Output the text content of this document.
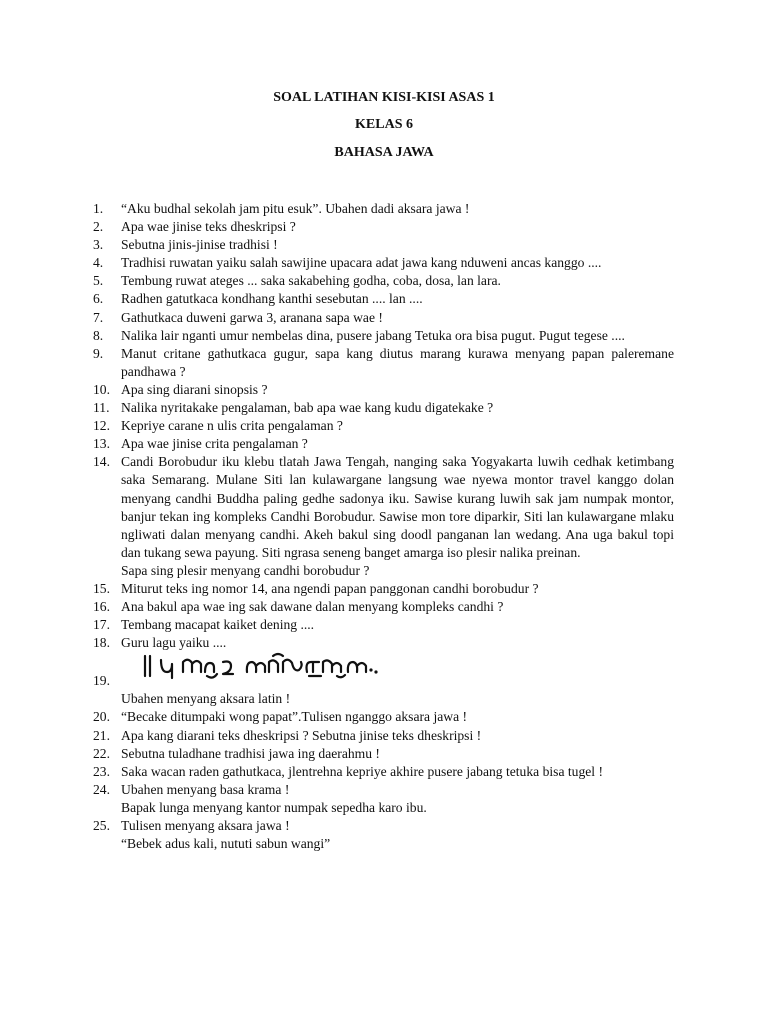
SOAL LATIHAN KISI-KISI ASAS 1
KELAS 6
BAHASA JAWA
1. “Aku budhal sekolah jam pitu esuk”. Ubahen dadi aksara jawa !
2. Apa wae jinise teks dheskripsi ?
3. Sebutna jinis-jinise tradhisi !
4. Tradhisi ruwatan yaiku salah sawijine upacara adat jawa kang nduweni ancas kanggo ....
5. Tembung ruwat ateges ... saka sakabehing godha, coba, dosa, lan lara.
6. Radhen gatutkaca kondhang kanthi sesebutan .... lan ....
7. Gathutkaca duweni garwa 3, aranana sapa wae !
8. Nalika lair nganti umur nembelas dina, pusere jabang Tetuka ora bisa pugut. Pugut tegese ....
9. Manut critane gathutkaca gugur, sapa kang diutus marang kurawa menyang papan paleremane pandhawa ?
10. Apa sing diarani sinopsis ?
11. Nalika nyritakake pengalaman, bab apa wae kang kudu digatekake ?
12. Kepriye carane n ulis crita pengalaman ?
13. Apa wae jinise crita pengalaman ?
14. Candi Borobudur iku klebu tlatah Jawa Tengah, nanging saka Yogyakarta luwih cedhak ketimbang saka Semarang. Mulane Siti lan kulawargane langsung wae nyewa montor travel kanggo dolan menyang candhi Buddha paling gedhe sadonya iku. Sawise kurang luwih sak jam numpak montor, banjur tekan ing kompleks Candhi Borobudur. Sawise mon tore diparkir, Siti lan kulawargane mlaku ngliwati dalan menyang candhi. Akeh bakul sing doodl panganan lan wedang. Ana uga bakul topi dan tukang sewa payung. Siti ngrasa seneng banget amarga iso plesir nalika preinan.
Sapa sing plesir menyang candhi borobudur ?
15. Miturut teks ing nomor 14, ana ngendi papan panggonan candhi borobudur ?
16. Ana bakul apa wae ing sak dawane dalan menyang kompleks candhi ?
17. Tembang macapat kaiket dening ....
18. Guru lagu yaiku ....
19.
Ubahen menyang aksara latin !
20. “Becake ditumpaki wong papat”.Tulisen nganggo aksara jawa !
21. Apa kang diarani teks dheskripsi ? Sebutna jinise teks dheskripsi !
22. Sebutna tuladhane tradhisi jawa ing daerahmu !
23. Saka wacan raden gathutkaca, jlentrehna kepriye akhire pusere jabang tetuka bisa tugel !
24. Ubahen menyang basa krama !
Bapak lunga menyang kantor numpak sepedha karo ibu.
25. Tulisen menyang aksara jawa !
“Bebek adus kali, nututi sabun wangi”
